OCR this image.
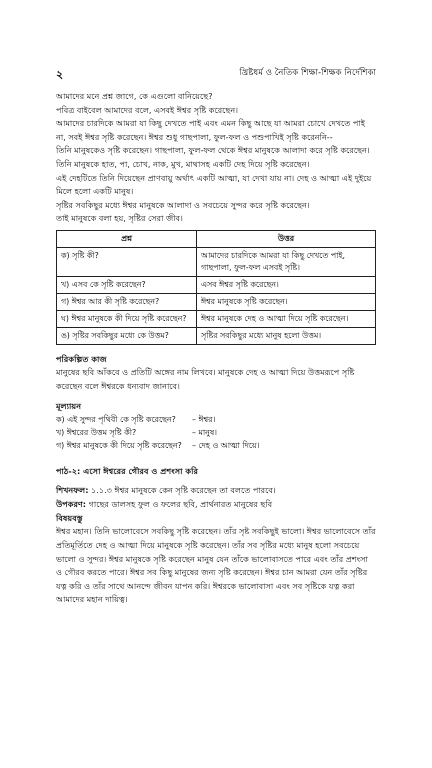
২	খ্রিষ্টধর্ম ও নৈতিক শিক্ষা-শিক্ষক নির্দেশিকা

আমাদের মনে প্রশ্ন জাগে, কে এগুলো বানিয়েছে?

পবিত্র বাইবেল আমাদের বলে, এসবই ঈশ্বর সৃষ্টি করেছেন।

আমাদের চারদিকে আমরা যা কিছু দেখতে পাই এবং এমন কিছু আছে যা আমরা চোখে দেখতে পাই না, সবই ঈশ্বর সৃষ্টি করেছেন। ঈশ্বর শুধু গাছপালা, ফুল-ফল ও পশুপাখিই সৃষ্টি করেননি--

তিনি মানুষকেও সৃষ্টি করেছেন। গাছপালা, ফুল-ফল থেকে ঈশ্বর মানুষকে আলাদা করে সৃষ্টি করেছেন।

তিনি মানুষকে হাত, পা, চোখ, নাক, মুখ, মাথাসহ একটি দেহ দিয়ে সৃষ্টি করেছেন।

এই দেহটিতে তিনি দিয়েছেন প্রাণবায়ু অর্থাৎ একটি আত্মা, যা দেখা যায় না। দেহ ও আত্মা এই দুইয়ে মিলে হলো একটি মানুষ।

সৃষ্টির সবকিছুর মধ্যে ঈশ্বর মানুষকে আলাদা ও সবচেয়ে সুন্দর করে সৃষ্টি করেছেন।

তাই মানুষকে বলা হয়, সৃষ্টির সেরা জীব।

প্রশ্ন	উত্তর
ক) সৃষ্টি কী?	আমাদের চারদিকে আমরা যা কিছু দেখতে পাই, গাছপালা, ফুল-ফল এসবই সৃষ্টি।
খ) এসব কে সৃষ্টি করেছেন?	এসব ঈশ্বর সৃষ্টি করেছেন।
গ) ঈশ্বর আর কী সৃষ্টি করেছেন?	ঈশ্বর মানুষকে সৃষ্টি করেছেন।
ঘ) ঈশ্বর মানুষকে কী দিয়ে সৃষ্টি করেছেন?	ঈশ্বর মানুষকে দেহ ও আত্মা দিয়ে সৃষ্টি করেছেন।
ঙ) সৃষ্টির সবকিছুর মধ্যে কে উত্তম?	সৃষ্টির সবকিছুর মধ্যে মানুষ হলো উত্তম।

পরিকল্পিত কাজ

মানুষের ছবি আঁকবে ও প্রতিটি অঙ্গের নাম লিখবে। মানুষকে দেহ ও আত্মা দিয়ে উত্তমরূপে সৃষ্টি করেছেন বলে ঈশ্বরকে ধন্যবাদ জানাবে।

মূল্যায়ন

ক) এই সুন্দর পৃথিবী কে সৃষ্টি করেছেন?	– ঈশ্বর।
খ) ঈশ্বরের উত্তম সৃষ্টি কী?	– মানুষ।
গ) ঈশ্বর মানুষকে কী দিয়ে সৃষ্টি করেছেন?	– দেহ ও আত্মা দিয়ে।

পাঠ-২: এসো ঈশ্বরের গৌরব ও প্রশংসা করি

শিখনফল: ১.১.৩ ঈশ্বর মানুষকে কেন সৃষ্টি করেছেন তা বলতে পারবে।

উপকরণ: গাছের ডালসহ ফুল ও ফলের ছবি, প্রার্থনারত মানুষের ছবি

বিষয়বস্তু

ঈশ্বর মহান। তিনি ভালোবেসে সবকিছু সৃষ্টি করেছেন। তাঁর সৃষ্ট সবকিছুই ভালো। ঈশ্বর ভালোবেসে তাঁর প্রতিমূর্তিতে দেহ ও আত্মা দিয়ে মানুষকে সৃষ্টি করেছেন। তাঁর সব সৃষ্টির মধ্যে মানুষ হলো সবচেয়ে ভালো ও সুন্দর। ঈশ্বর মানুষকে সৃষ্টি করেছেন মানুষ যেন তাঁকে ভালোবাসতে পারে এবং তাঁর প্রশংসা ও গৌরব করতে পারে। ঈশ্বর সব কিছু মানুষের জন্য সৃষ্টি করেছেন। ঈশ্বর চান আমরা যেন তাঁর সৃষ্টির যত্ন করি ও তাঁর সাথে আনন্দে জীবন যাপন করি। ঈশ্বরকে ভালোবাসা এবং সব সৃষ্টিকে যত্ন করা আমাদের মহান দায়িত্ব।
